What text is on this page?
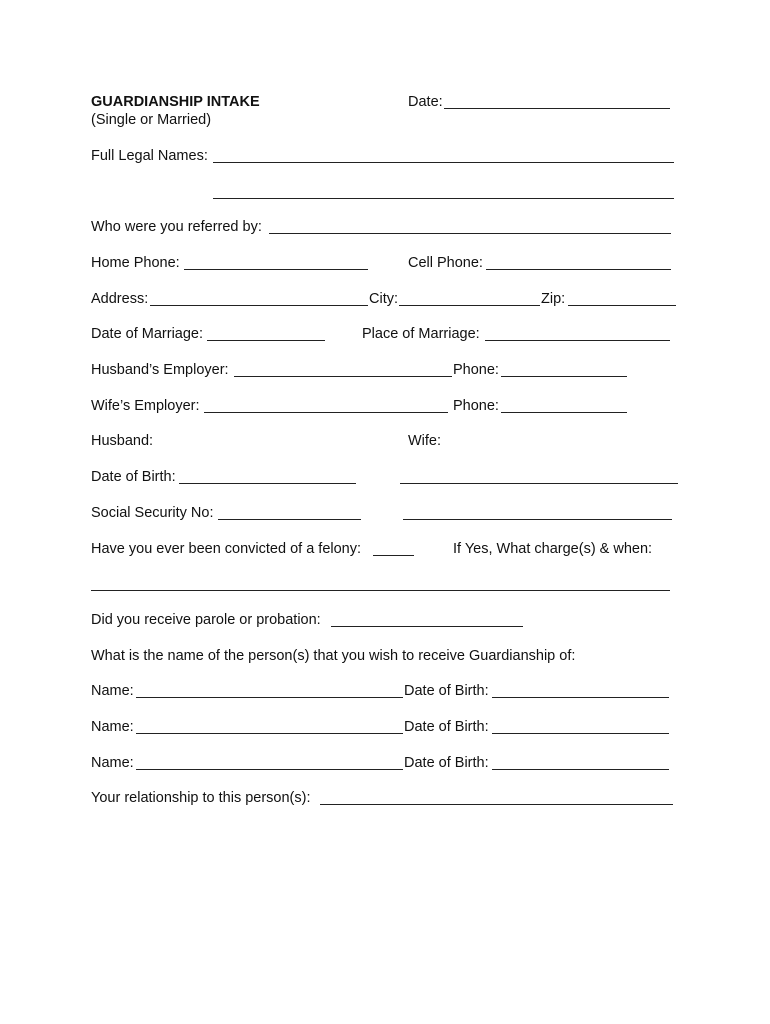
GUARDIANSHIP INTAKE
(Single or Married)
Date:
Full Legal Names:
Who were you referred by:
Home Phone:	Cell Phone:
Address:	City:	Zip:
Date of Marriage:	Place of Marriage:
Husband’s Employer:	Phone:
Wife’s Employer:	Phone:
Husband:	Wife:
Date of Birth:
Social Security No:
Have you ever been convicted of a felony:	If Yes, What charge(s) & when:
Did you receive parole or probation:
What is the name of the person(s) that you wish to receive Guardianship of:
Name:	Date of Birth:
Name:	Date of Birth:
Name:	Date of Birth:
Your relationship to this person(s):
